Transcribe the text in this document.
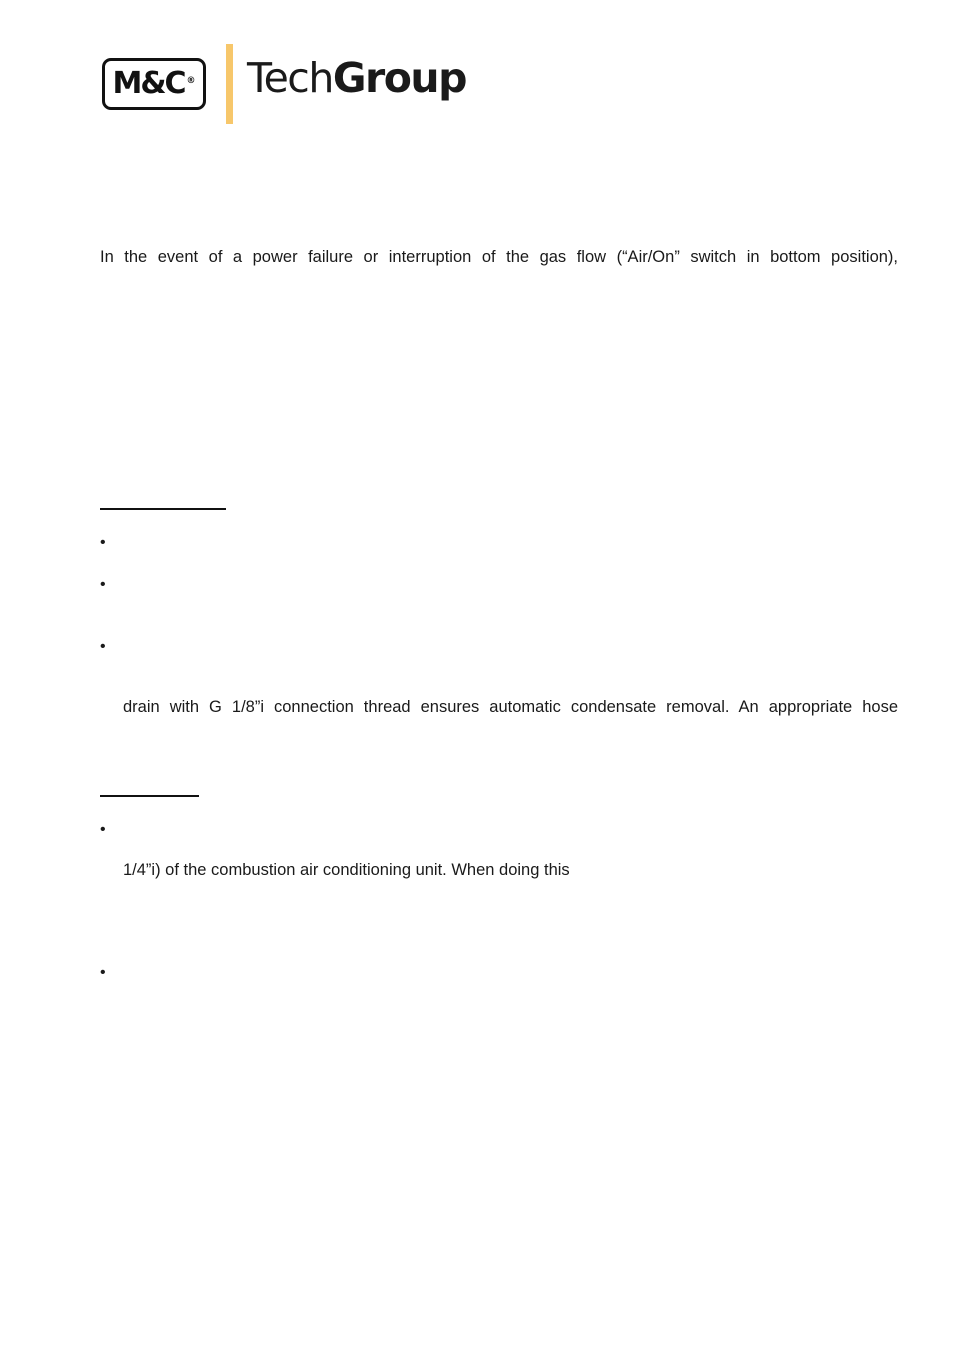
M&C ® TechGroup

In the event of a power failure or interruption of the gas flow (“Air/On” switch in bottom position),

•
•
•

drain with G 1/8”i connection thread ensures automatic condensate removal. An appropriate hose

•

1/4”i) of the combustion air conditioning unit. When doing this

•
